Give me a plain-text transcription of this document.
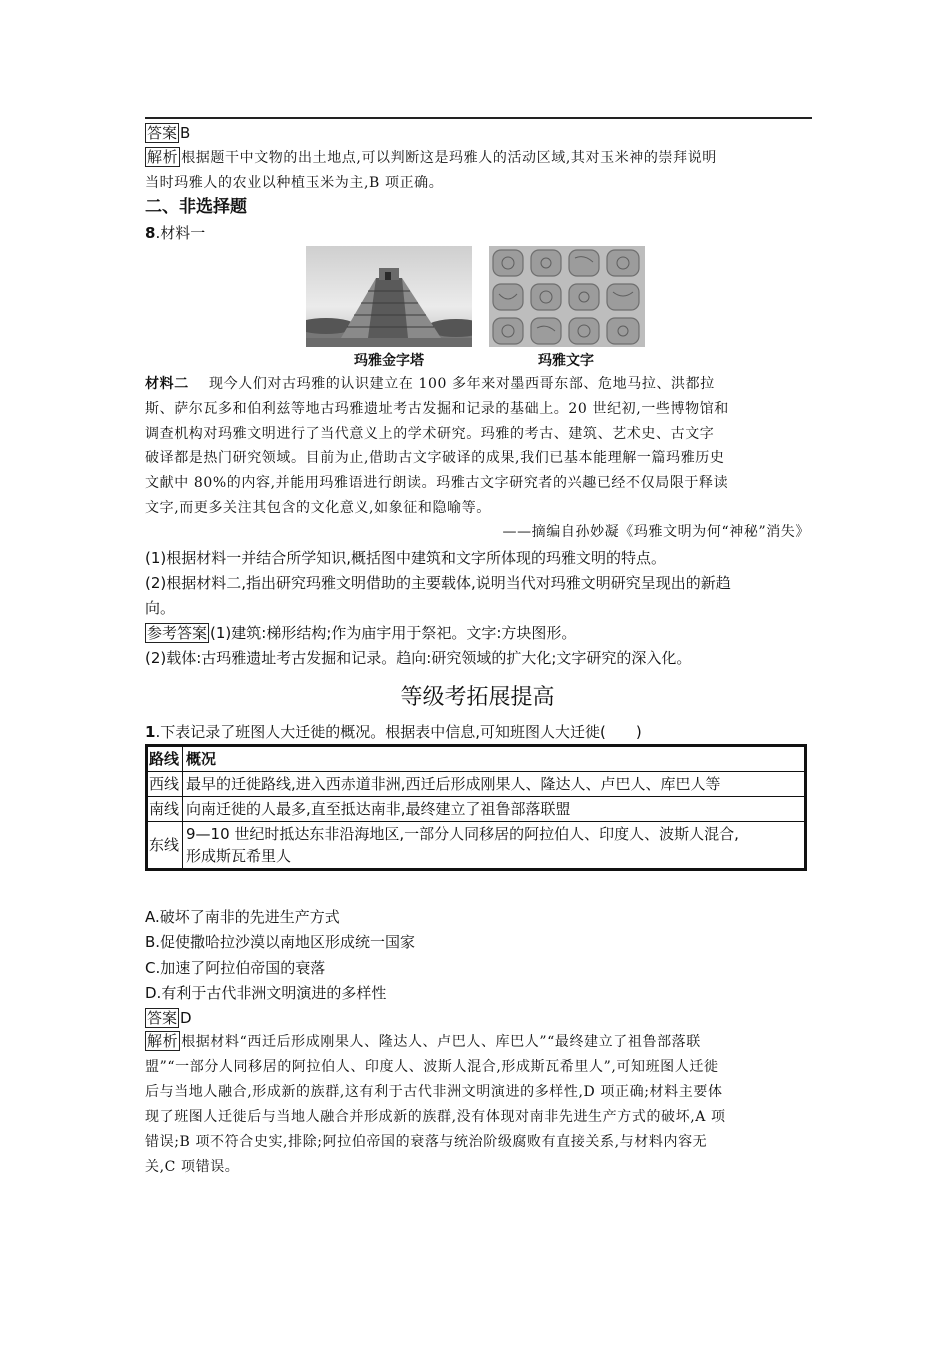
答案 B
解析 根据题干中文物的出土地点,可以判断这是玛雅人的活动区域,其对玉米神的崇拜说明
当时玛雅人的农业以种植玉米为主,B 项正确。
二、非选择题
8.材料一
玛雅金字塔	玛雅文字
材料二 现今人们对古玛雅的认识建立在 100 多年来对墨西哥东部、危地马拉、洪都拉
斯、萨尔瓦多和伯利兹等地古玛雅遗址考古发掘和记录的基础上。20 世纪初,一些博物馆和
调查机构对玛雅文明进行了当代意义上的学术研究。玛雅的考古、建筑、艺术史、古文字
破译都是热门研究领域。目前为止,借助古文字破译的成果,我们已基本能理解一篇玛雅历史
文献中 80%的内容,并能用玛雅语进行朗读。玛雅古文字研究者的兴趣已经不仅局限于释读
文字,而更多关注其包含的文化意义,如象征和隐喻等。
——摘编自孙妙凝《玛雅文明为何“神秘”消失》
(1)根据材料一并结合所学知识,概括图中建筑和文字所体现的玛雅文明的特点。
(2)根据材料二,指出研究玛雅文明借助的主要载体,说明当代对玛雅文明研究呈现出的新趋
向。
参考答案 (1)建筑:梯形结构;作为庙宇用于祭祀。文字:方块图形。
(2)载体:古玛雅遗址考古发掘和记录。趋向:研究领域的扩大化;文字研究的深入化。
等级考拓展提高
1.下表记录了班图人大迁徙的概况。根据表中信息,可知班图人大迁徙(　　)
路线	概况
西线	最早的迁徙路线,进入西赤道非洲,西迁后形成刚果人、隆达人、卢巴人、库巴人等
南线	向南迁徙的人最多,直至抵达南非,最终建立了祖鲁部落联盟
东线	9—10 世纪时抵达东非沿海地区,一部分人同移居的阿拉伯人、印度人、波斯人混合,
形成斯瓦希里人
A.破坏了南非的先进生产方式
B.促使撒哈拉沙漠以南地区形成统一国家
C.加速了阿拉伯帝国的衰落
D.有利于古代非洲文明演进的多样性
答案 D
解析 根据材料“西迁后形成刚果人、隆达人、卢巴人、库巴人”“最终建立了祖鲁部落联
盟”“一部分人同移居的阿拉伯人、印度人、波斯人混合,形成斯瓦希里人”,可知班图人迁徙
后与当地人融合,形成新的族群,这有利于古代非洲文明演进的多样性,D 项正确;材料主要体
现了班图人迁徙后与当地人融合并形成新的族群,没有体现对南非先进生产方式的破坏,A 项
错误;B 项不符合史实,排除;阿拉伯帝国的衰落与统治阶级腐败有直接关系,与材料内容无
关,C 项错误。
